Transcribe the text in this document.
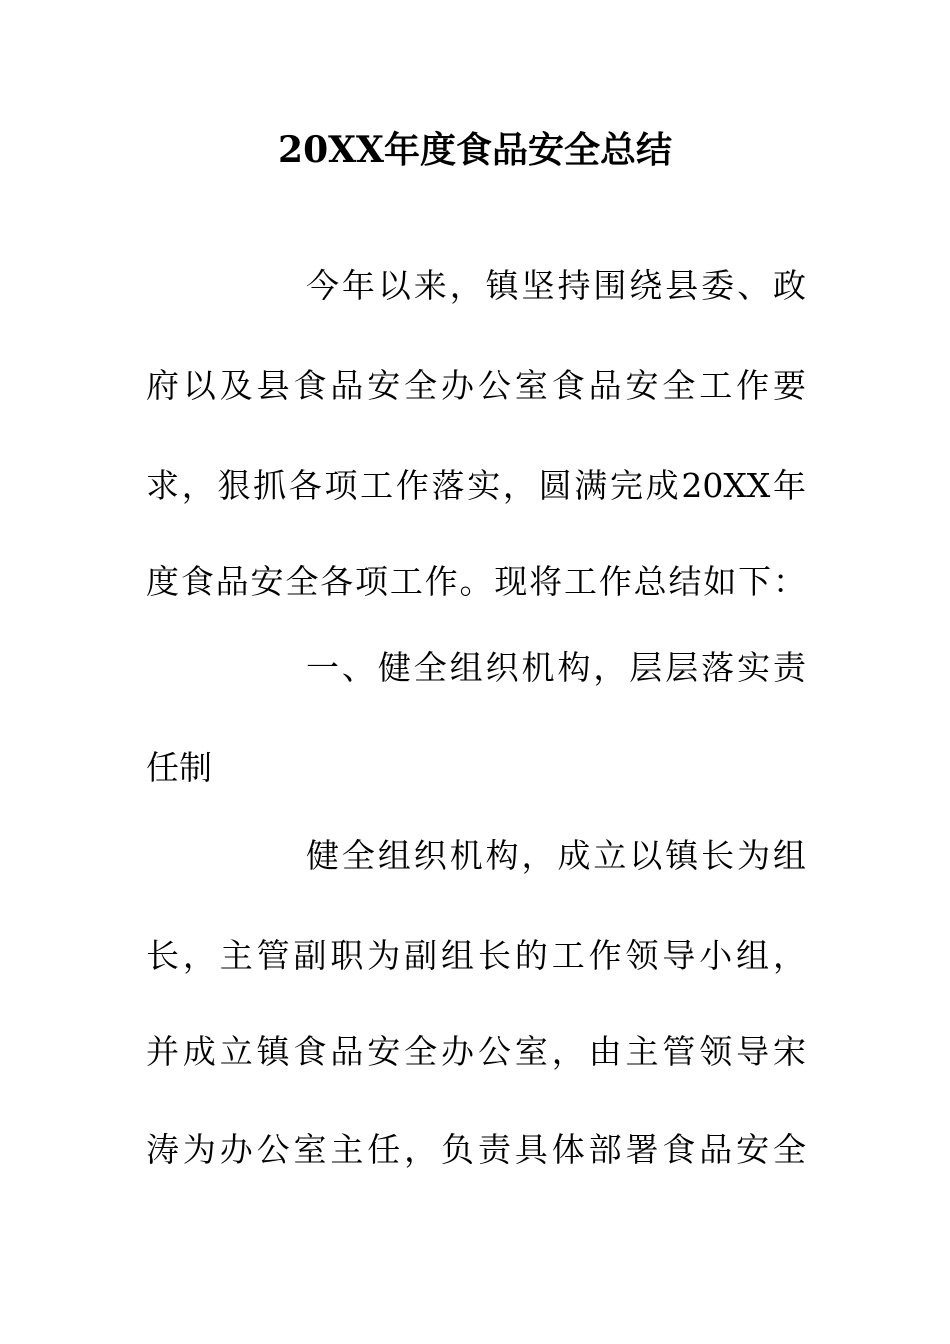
20XX年度食品安全总结
今年以来，镇坚持围绕县委、政
府以及县食品安全办公室食品安全工作要
求，狠抓各项工作落实，圆满完成20XX年
度食品安全各项工作。现将工作总结如下：
一、健全组织机构，层层落实责
任制
健全组织机构，成立以镇长为组
长，主管副职为副组长的工作领导小组，
并成立镇食品安全办公室，由主管领导宋
涛为办公室主任，负责具体部署食品安全
